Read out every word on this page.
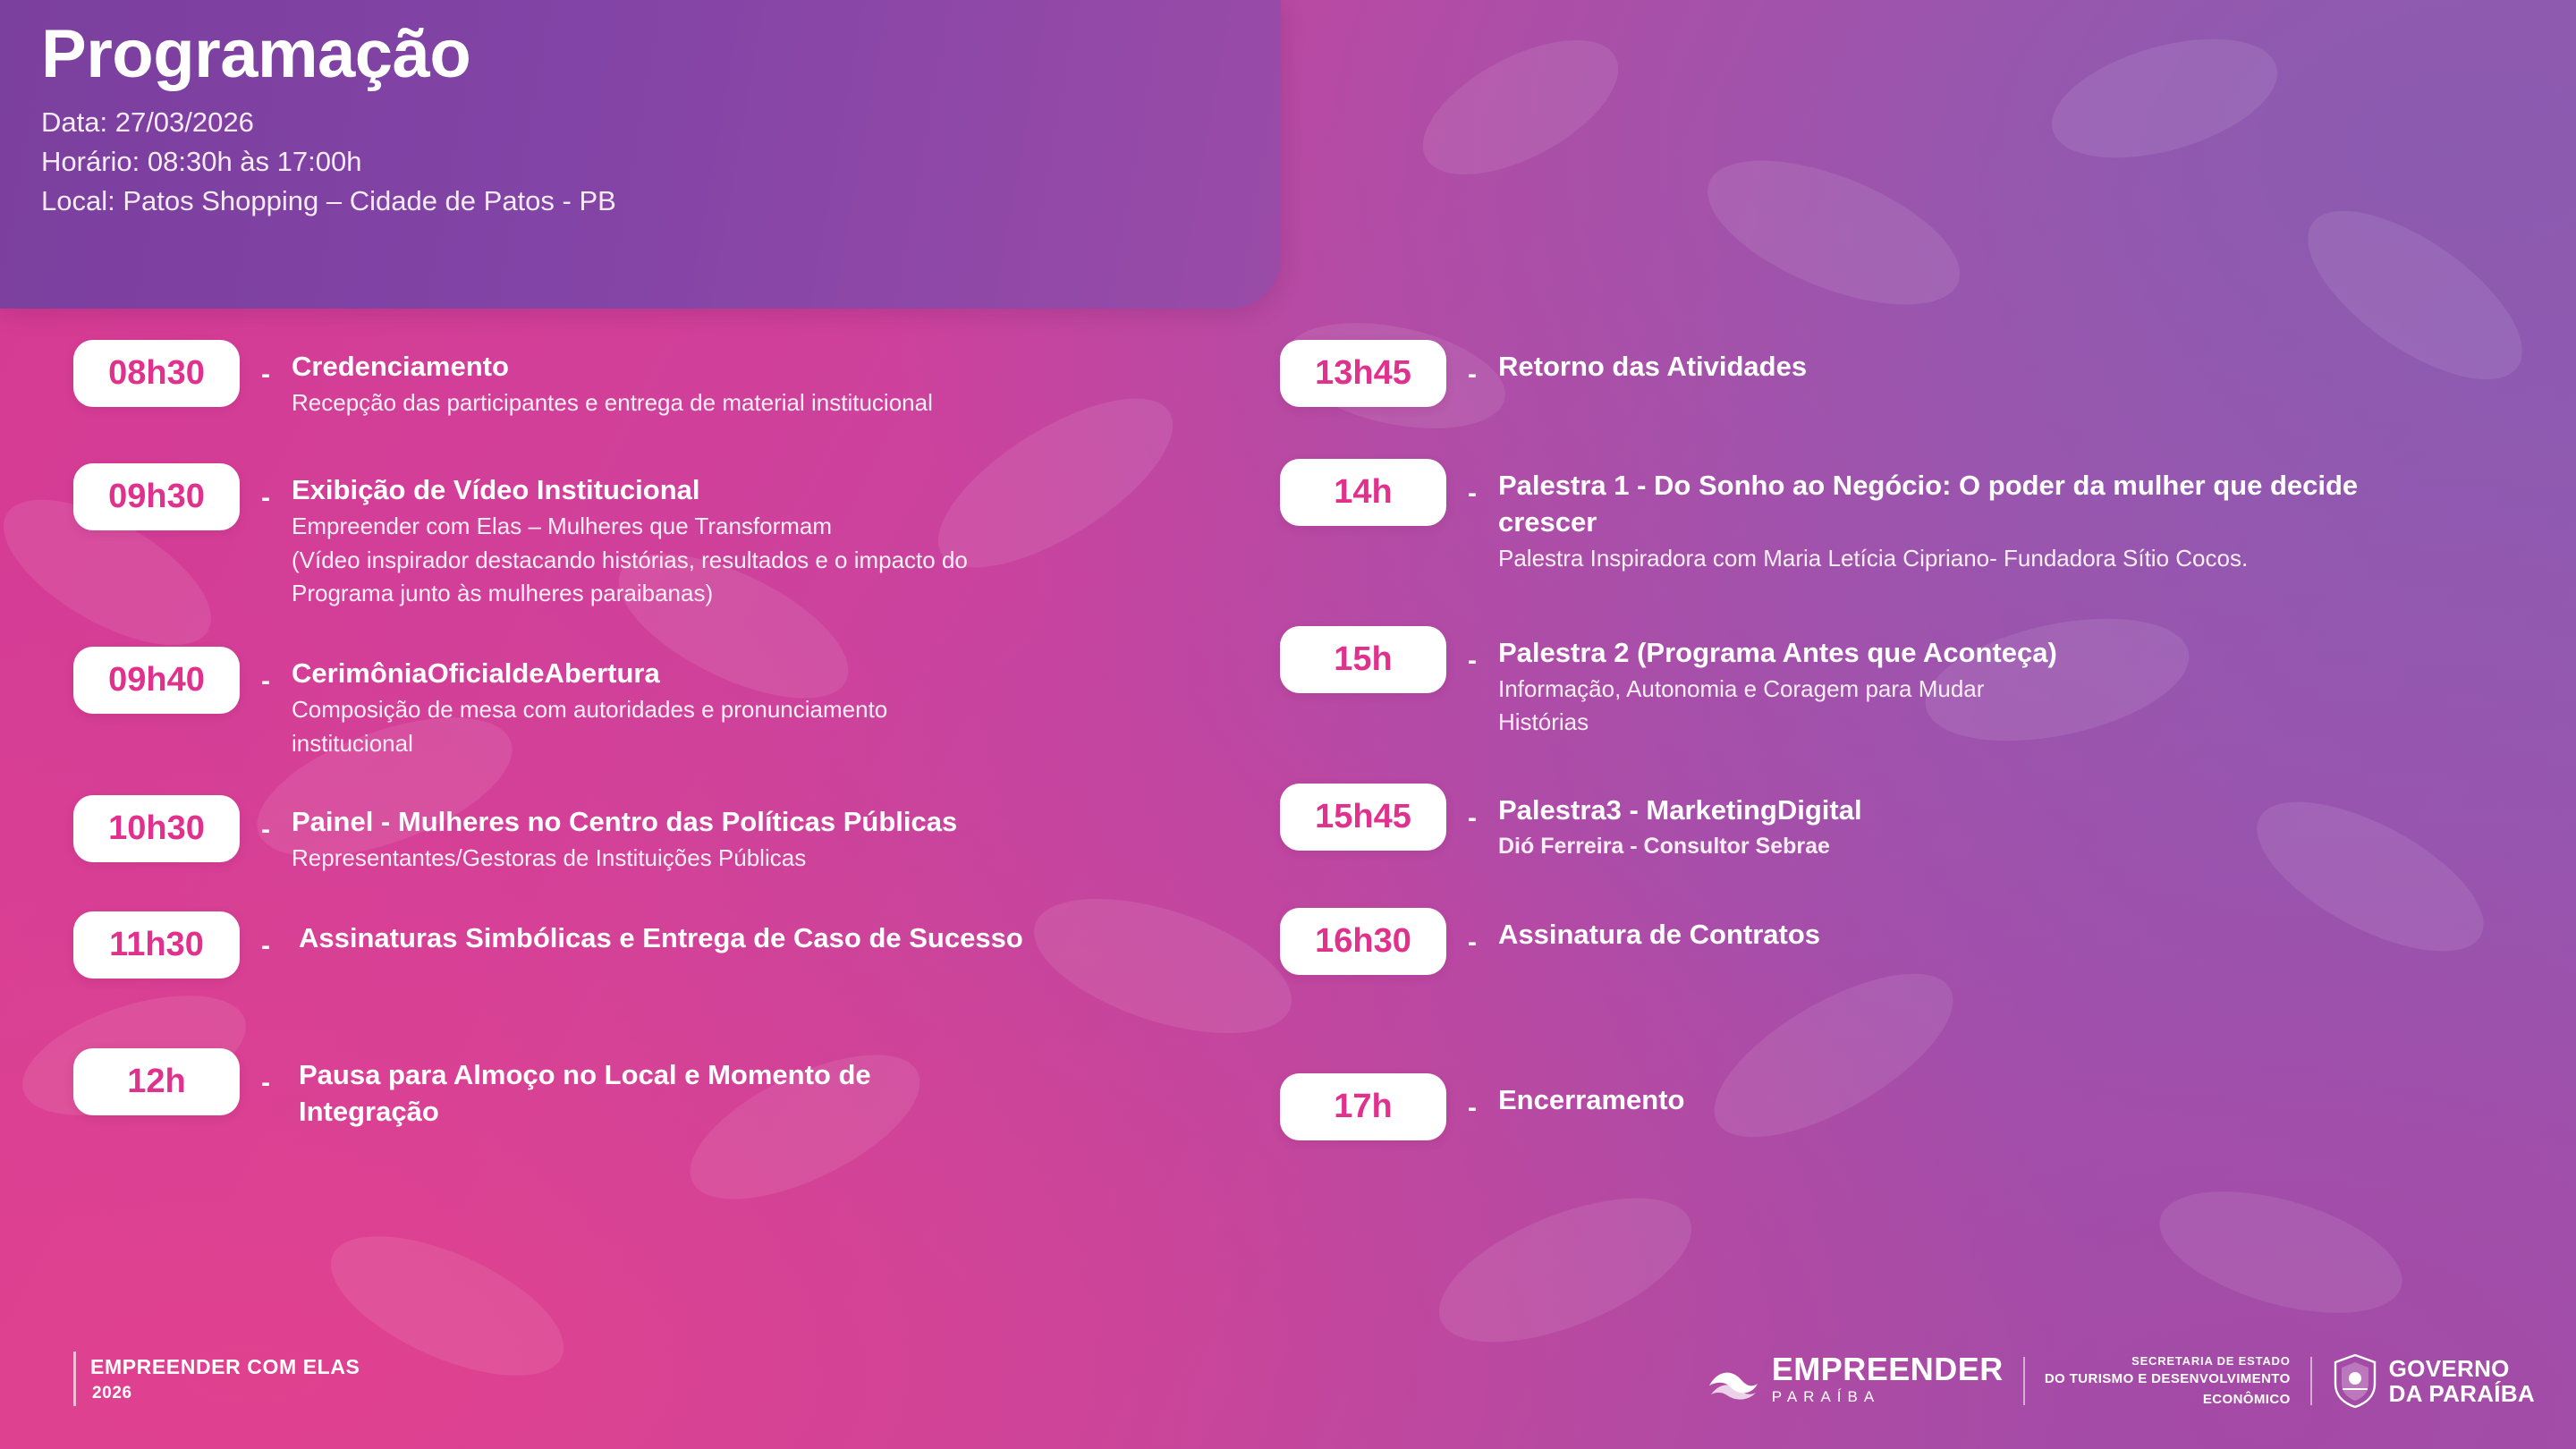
Programação
Data: 27/03/2026
Horário: 08:30h às 17:00h
Local: Patos Shopping – Cidade de Patos - PB
08h30	- Credenciamento

Recepção das participantes e entrega de material institucional

09h30	- Exibição de Vídeo Institucional

Empreender com Elas – Mulheres que Transformam

(Vídeo inspirador destacando histórias, resultados e o impacto do

Programa junto às mulheres paraibanas)

09h40	- CerimôniaOficialdeAbertura

Composição de mesa com autoridades e pronunciamento

institucional

10h30	- Painel - Mulheres no Centro das Políticas Públicas

Representantes/Gestoras de Instituições Públicas

11h30	-	Assinaturas Simbólicas e Entrega de Caso de Sucesso

12h	-	Pausa para Almoço no Local e Momento de Integração

13h45	- Retorno das Atividades

14h	- Palestra 1 - Do Sonho ao Negócio: O poder da mulher que decide crescer

Palestra Inspiradora com Maria Letícia Cipriano- Fundadora Sítio Cocos.

15h	- Palestra 2 (Programa Antes que Aconteça)

Informação, Autonomia e Coragem para Mudar

Histórias

15h45	- Palestra3 - MarketingDigital

Dió Ferreira - Consultor Sebrae

16h30	- Assinatura de Contratos

17h	- Encerramento

EMPREENDER COM ELAS
2026
EMPREENDER
PARAÍBA
SECRETARIA DE ESTADO
DO TURISMO E DESENVOLVIMENTO
ECONÔMICO
GOVERNO
DA PARAÍBA
